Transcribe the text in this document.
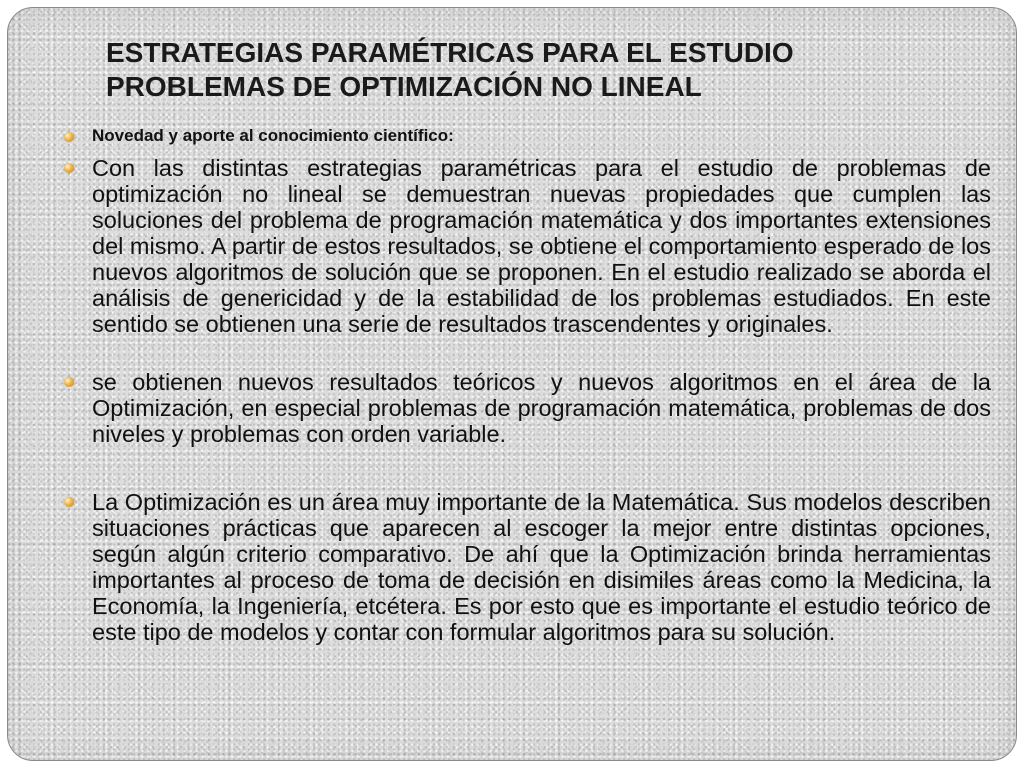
ESTRATEGIAS PARAMÉTRICAS PARA EL ESTUDIO PROBLEMAS DE OPTIMIZACIÓN NO LINEAL
Novedad y aporte al conocimiento científico:
Con las distintas estrategias paramétricas para el estudio de problemas de optimización no lineal se demuestran nuevas propiedades que cumplen las soluciones del problema de programación matemática y dos importantes extensiones del mismo. A partir de estos resultados, se obtiene el comportamiento esperado de los nuevos algoritmos de solución que se proponen. En el estudio realizado se aborda el análisis de genericidad y de la estabilidad de los problemas estudiados. En este sentido se obtienen una serie de resultados trascendentes y originales.
se obtienen nuevos resultados teóricos y nuevos algoritmos en el área de la Optimización, en especial problemas de programación matemática, problemas de dos niveles y problemas con orden variable.
La Optimización es un área muy importante de la Matemática. Sus modelos describen situaciones prácticas que aparecen al escoger la mejor entre distintas opciones, según algún criterio comparativo. De ahí que la Optimización brinda herramientas importantes al proceso de toma de decisión en disimiles áreas como la Medicina, la Economía, la Ingeniería, etcétera. Es por esto que es importante el estudio teórico de este tipo de modelos y contar con formular algoritmos para su solución.
